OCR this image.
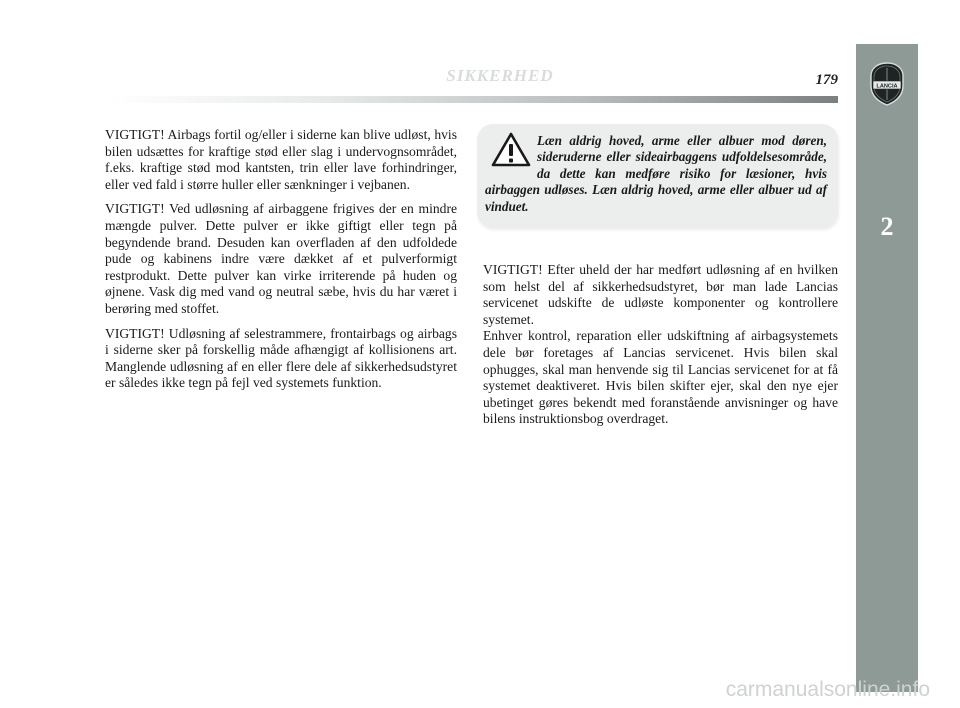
LANCIA
2
SIKKERHED	179

VIGTIGT! Airbags fortil og/eller i siderne kan blive udløst, hvis bilen udsættes for kraftige stød eller slag i undervognsområdet, f.eks. kraftige stød mod kantsten, trin eller lave forhindringer, eller ved fald i større huller eller sænkninger i vejbanen.

VIGTIGT! Ved udløsning af airbaggene frigives der en mindre mængde pulver. Dette pulver er ikke giftigt eller tegn på begyndende brand. Desuden kan overfladen af den udfoldede pude og kabinens indre være dækket af et pulverformigt restprodukt. Dette pulver kan virke irriterende på huden og øjnene. Vask dig med vand og neutral sæbe, hvis du har været i berøring med stoffet.

VIGTIGT! Udløsning af selestrammere, frontairbags og airbags i siderne sker på forskellig måde afhængigt af kollisionens art. Manglende udløsning af en eller flere dele af sikkerhedsudstyret er således ikke tegn på fejl ved systemets funktion.

Læn aldrig hoved, arme eller albuer mod døren, sideruderne eller sideairbaggens udfoldelsesområde, da dette kan medføre risiko for læsioner, hvis airbaggen udløses. Læn aldrig hoved, arme eller albuer ud af vinduet.

VIGTIGT! Efter uheld der har medført udløsning af en hvilken som helst del af sikkerhedsudstyret, bør man lade Lancias servicenet udskifte de udløste komponenter og kontrollere systemet.

Enhver kontrol, reparation eller udskiftning af airbagsystemets dele bør foretages af Lancias servicenet. Hvis bilen skal ophugges, skal man henvende sig til Lancias servicenet for at få systemet deaktiveret. Hvis bilen skifter ejer, skal den nye ejer ubetinget gøres bekendt med foranstående anvisninger og have bilens instruktionsbog overdraget.

carmanualsonline.info
